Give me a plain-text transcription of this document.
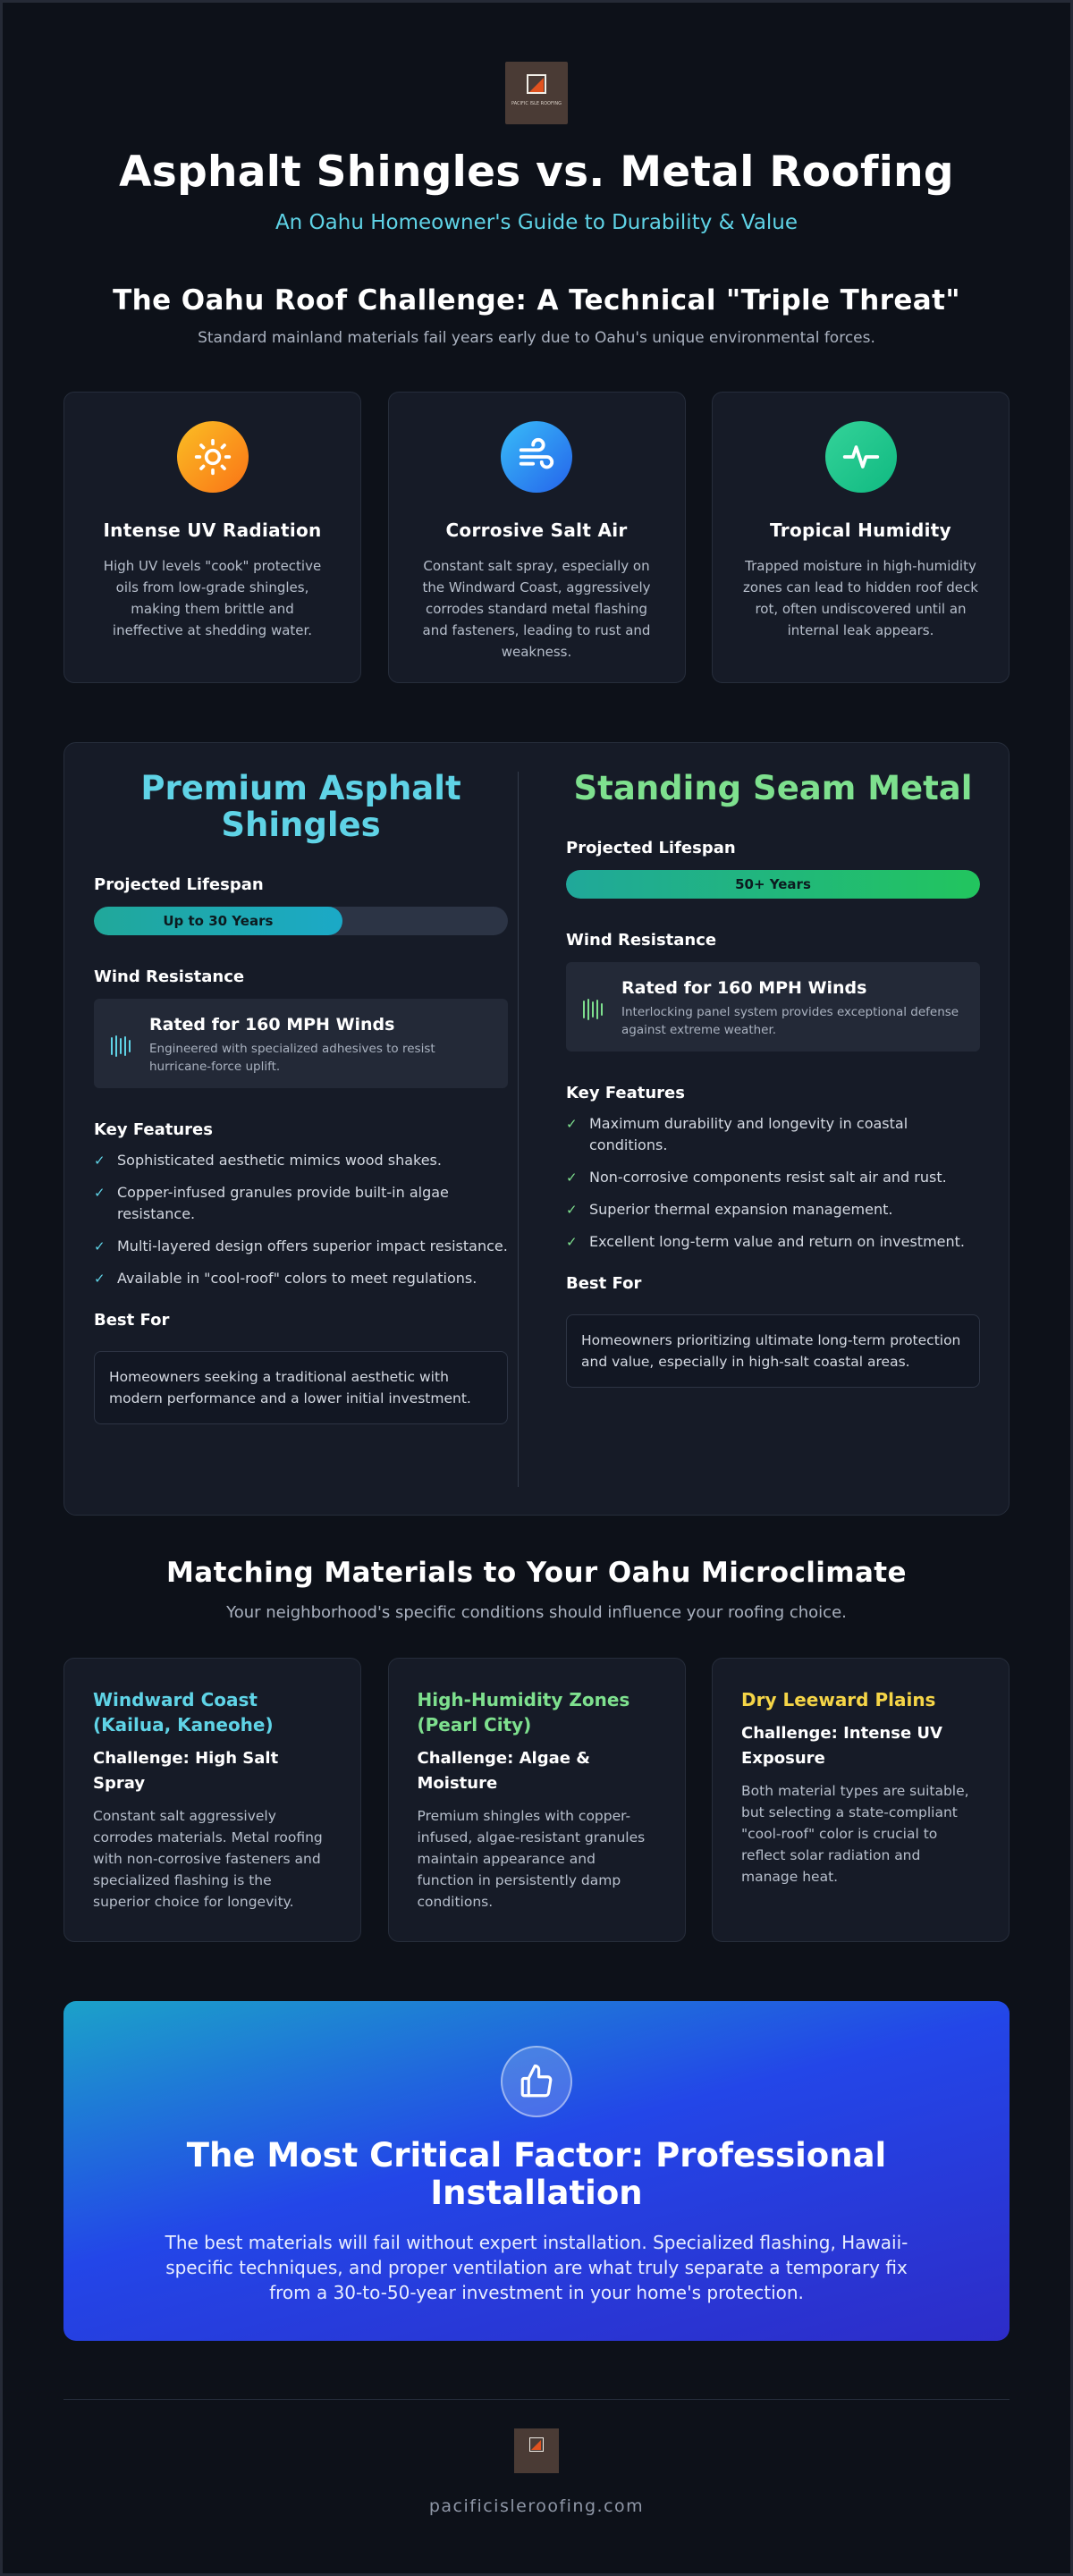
PACIFIC ISLE ROOFING
Asphalt Shingles vs. Metal Roofing
An Oahu Homeowner's Guide to Durability & Value
The Oahu Roof Challenge: A Technical "Triple Threat"
Standard mainland materials fail years early due to Oahu's unique environmental forces.
Intense UV Radiation

High UV levels "cook" protective oils from low-grade shingles, making them brittle and ineffective at shedding water.

Corrosive Salt Air

Constant salt spray, especially on the Windward Coast, aggressively corrodes standard metal flashing and fasteners, leading to rust and weakness.

Tropical Humidity

Trapped moisture in high-humidity zones can lead to hidden roof deck rot, often undiscovered until an internal leak appears.

Premium Asphalt Shingles
Projected Lifespan
Up to 30 Years
Wind Resistance
Rated for 160 MPH Winds
Engineered with specialized adhesives to resist hurricane-force uplift.
Key Features
✓ Sophisticated aesthetic mimics wood shakes.
✓ Copper-infused granules provide built-in algae resistance.
✓ Multi-layered design offers superior impact resistance.
✓ Available in "cool-roof" colors to meet regulations.
Best For
Homeowners seeking a traditional aesthetic with modern performance and a lower initial investment.
Standing Seam Metal
Projected Lifespan
50+ Years
Wind Resistance
Rated for 160 MPH Winds
Interlocking panel system provides exceptional defense against extreme weather.
Key Features
✓ Maximum durability and longevity in coastal conditions.
✓ Non-corrosive components resist salt air and rust.
✓ Superior thermal expansion management.
✓ Excellent long-term value and return on investment.
Best For
Homeowners prioritizing ultimate long-term protection and value, especially in high-salt coastal areas.
Matching Materials to Your Oahu Microclimate
Your neighborhood's specific conditions should influence your roofing choice.
Windward Coast (Kailua, Kaneohe)
Challenge: High Salt Spray

Constant salt aggressively corrodes materials. Metal roofing with non-corrosive fasteners and specialized flashing is the superior choice for longevity.

High-Humidity Zones (Pearl City)
Challenge: Algae & Moisture

Premium shingles with copper-infused, algae-resistant granules maintain appearance and function in persistently damp conditions.

Dry Leeward Plains
Challenge: Intense UV Exposure

Both material types are suitable, but selecting a state-compliant "cool-roof" color is crucial to reflect solar radiation and manage heat.

The Most Critical Factor: Professional Installation

The best materials will fail without expert installation. Specialized flashing, Hawaii-specific techniques, and proper ventilation are what truly separate a temporary fix from a 30-to-50-year investment in your home's protection.

pacificisleroofing.com
